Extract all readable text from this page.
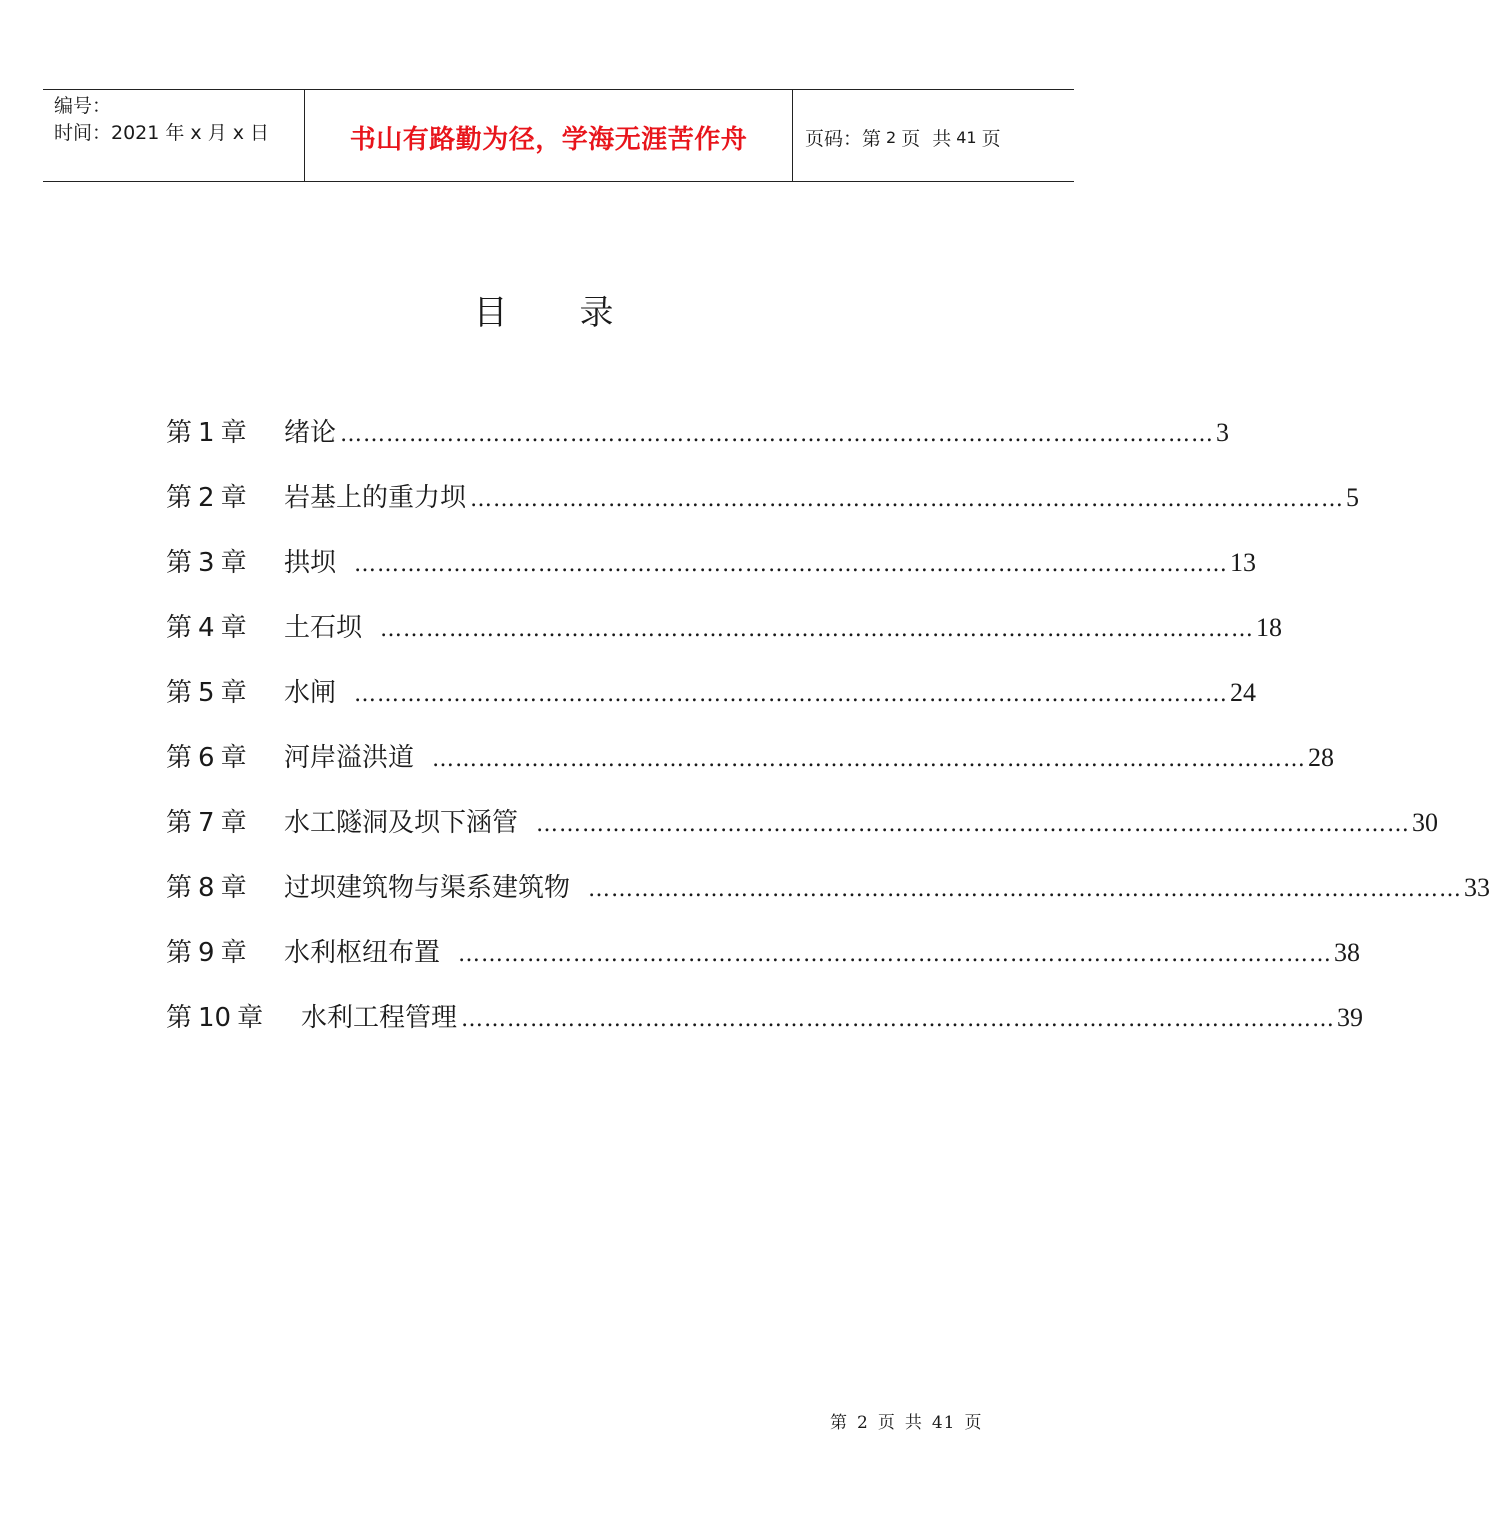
编号：
时间：2021 年 x 月 x 日	书山有路勤为径，学海无涯苦作舟	页码：第 2 页 共 41 页
目 录
第 1 章	绪论 …………………………………………………………………………………………………… 3
第 2 章	岩基上的重力坝 …………………………………………………………………………………………………… 5
第 3 章	拱坝 …………………………………………………………………………………………………… 13
第 4 章	土石坝 …………………………………………………………………………………………………… 18
第 5 章	水闸 …………………………………………………………………………………………………… 24
第 6 章	河岸溢洪道 …………………………………………………………………………………………………… 28
第 7 章	水工隧洞及坝下涵管 …………………………………………………………………………………………………… 30
第 8 章	过坝建筑物与渠系建筑物 …………………………………………………………………………………………………… 33
第 9 章	水利枢纽布置 …………………………………………………………………………………………………… 38
第 10 章	水利工程管理 …………………………………………………………………………………………………… 39
第 2 页 共 41 页
